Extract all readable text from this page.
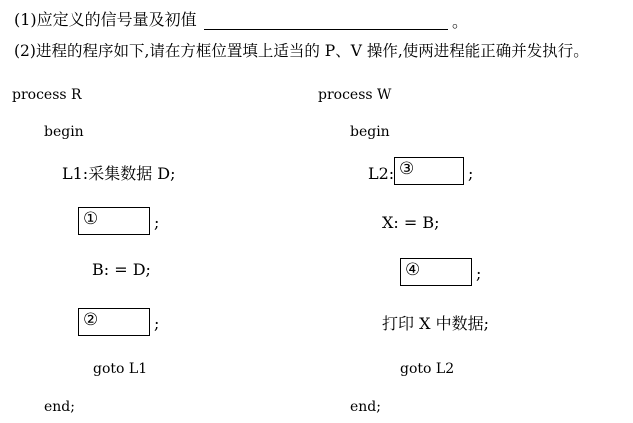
(1)应定义的信号量及初值	。
(2)进程的程序如下,请在方框位置填上适当的 P、V 操作,使两进程能正确并发执行。
process R
begin
L1:采集数据 D;
①	;
B: = D;
②	;
goto L1
end;
process W
begin
L2: ③	;
X: = B;
④	;
打印 X 中数据;
goto L2
end;
